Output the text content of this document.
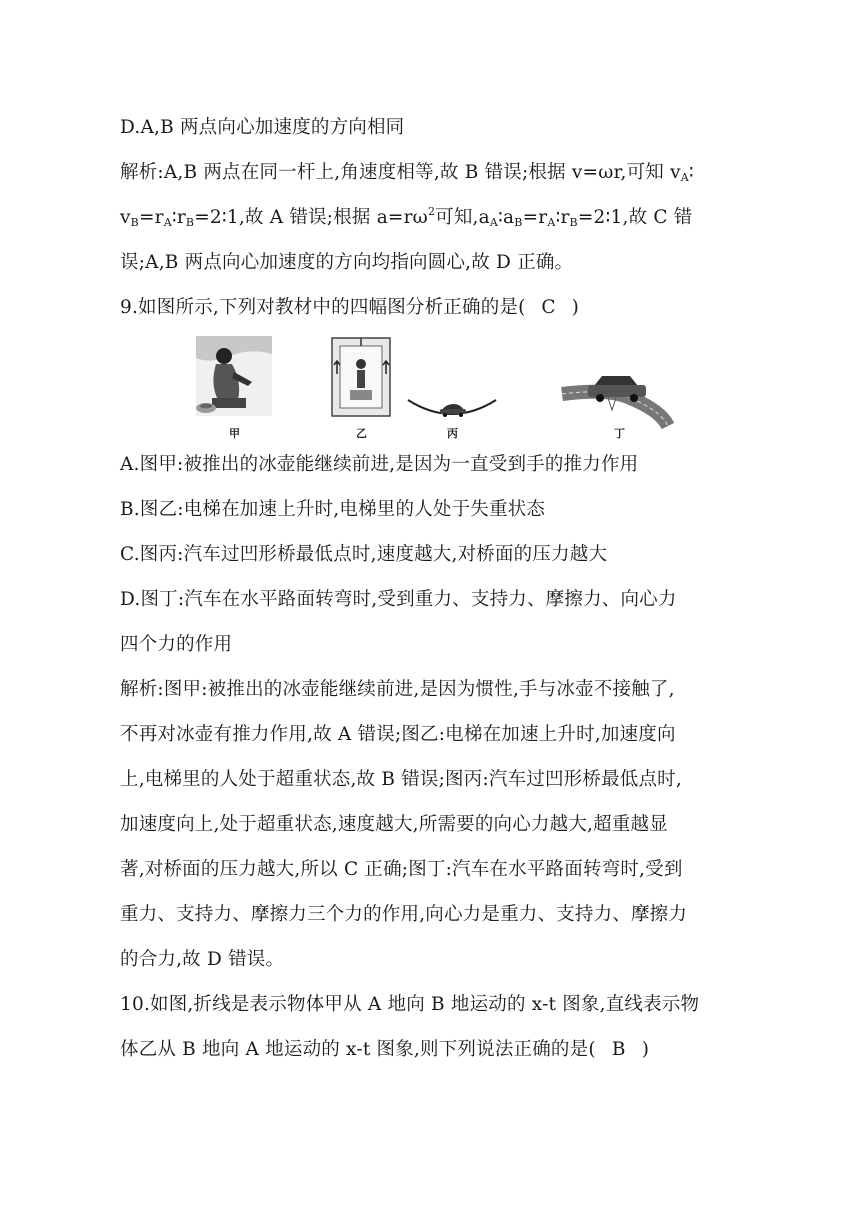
D.A,B 两点向心加速度的方向相同
解析:A,B 两点在同一杆上,角速度相等,故 B 错误;根据 v=ωr,可知 $v_A∶$
$v_B=r_A∶r_B=2∶1$,故 A 错误;根据 $a=r\omega^2$可知$,a_A∶a_B=r_A∶r_B=2∶1$,故 C 错
误;A,B 两点向心加速度的方向均指向圆心,故 D 正确。
9.如图所示,下列对教材中的四幅图分析正确的是( C )
甲	乙	丙	丁
A.图甲:被推出的冰壶能继续前进,是因为一直受到手的推力作用
B.图乙:电梯在加速上升时,电梯里的人处于失重状态
C.图丙:汽车过凹形桥最低点时,速度越大,对桥面的压力越大
D.图丁:汽车在水平路面转弯时,受到重力、支持力、摩擦力、向心力
四个力的作用
解析:图甲:被推出的冰壶能继续前进,是因为惯性,手与冰壶不接触了,
不再对冰壶有推力作用,故 A 错误;图乙:电梯在加速上升时,加速度向
上,电梯里的人处于超重状态,故 B 错误;图丙:汽车过凹形桥最低点时,
加速度向上,处于超重状态,速度越大,所需要的向心力越大,超重越显
著,对桥面的压力越大,所以 C 正确;图丁:汽车在水平路面转弯时,受到
重力、支持力、摩擦力三个力的作用,向心力是重力、支持力、摩擦力
的合力,故 D 错误。
10.如图,折线是表示物体甲从 A 地向 B 地运动的 x-t 图象,直线表示物
体乙从 B 地向 A 地运动的 x-t 图象,则下列说法正确的是( B )
